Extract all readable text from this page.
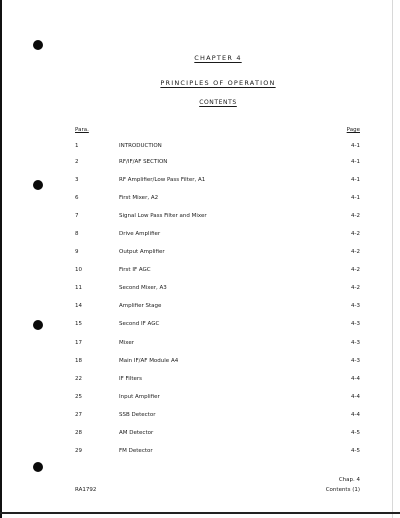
CHAPTER 4
PRINCIPLES OF OPERATION
CONTENTS
Para.	Page
1	INTRODUCTION	4-1
2	RF/IF/AF SECTION	4-1
3	RF Amplifier/Low Pass Filter, A1	4-1
6	First Mixer, A2	4-1
7	Signal Low Pass Filter and Mixer	4-2
8	Drive Amplifier	4-2
9	Output Amplifier	4-2
10	First IF AGC	4-2
11	Second Mixer, A3	4-2
14	Amplifier Stage	4-3
15	Second IF AGC	4-3
17	Mixer	4-3
18	Main IF/AF Module A4	4-3
22	IF Filters	4-4
25	Input Amplifier	4-4
27	SSB Detector	4-4
28	AM Detector	4-5
29	FM Detector	4-5
RA1792
Chap. 4
Contents (1)
